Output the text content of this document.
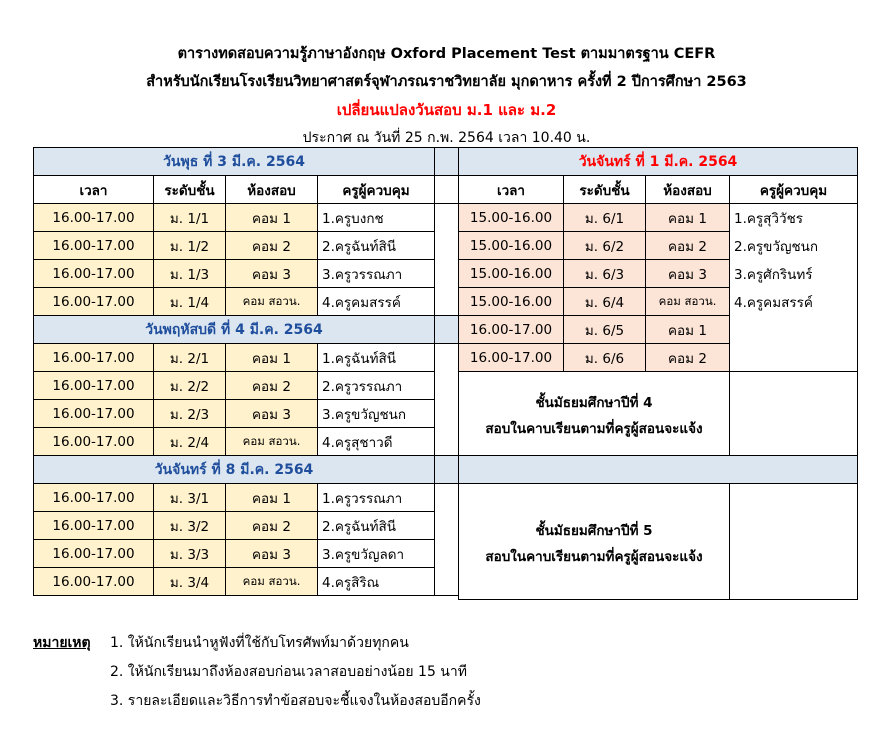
ตารางทดสอบความรู้ภาษาอังกฤษ Oxford Placement Test ตามมาตรฐาน CEFR
สำหรับนักเรียนโรงเรียนวิทยาศาสตร์จุฬาภรณราชวิทยาลัย มุกดาหาร ครั้งที่ 2 ปีการศึกษา 2563
เปลี่ยนแปลงวันสอบ ม.1 และ ม.2
ประกาศ ณ วันที่ 25 ก.พ. 2564 เวลา 10.40 น.
วันพุธ ที่ 3 มี.ค. 2564			
เวลา	ระดับชั้น	ห้องสอบ	ครูผู้ควบคุม
16.00-17.00	ม. 1/1	คอม 1	1.ครูบงกช
16.00-17.00	ม. 1/2	คอม 2	2.ครูฉันท์สินี
16.00-17.00	ม. 1/3	คอม 3	3.ครูวรรณภา
16.00-17.00	ม. 1/4	คอม สอวน.	4.ครูคมสรรค์
วันพฤหัสบดี ที่ 4 มี.ค. 2564			
16.00-17.00	ม. 2/1	คอม 1	1.ครูฉันท์สินี
16.00-17.00	ม. 2/2	คอม 2	2.ครูวรรณภา
16.00-17.00	ม. 2/3	คอม 3	3.ครูขวัญชนก
16.00-17.00	ม. 2/4	คอม สอวน.	4.ครูสุชาวดี
วันจันทร์ ที่ 8 มี.ค. 2564			
16.00-17.00	ม. 3/1	คอม 1	1.ครูวรรณภา
16.00-17.00	ม. 3/2	คอม 2	2.ครูฉันท์สินี
16.00-17.00	ม. 3/3	คอม 3	3.ครูขวัญลดา
16.00-17.00	ม. 3/4	คอม สอวน.	4.ครูสิริณ

วันจันทร์ ที่ 1 มี.ค. 2564			
เวลา	ระดับชั้น	ห้องสอบ	ครูผู้ควบคุม
15.00-16.00	ม. 6/1	คอม 1	1.ครูสุวิวัชร
15.00-16.00	ม. 6/2	คอม 2	2.ครูขวัญชนก
15.00-16.00	ม. 6/3	คอม 3	3.ครูศักรินทร์
15.00-16.00	ม. 6/4	คอม สอวน.	4.ครูคมสรรค์
16.00-17.00	ม. 6/5	คอม 1	
16.00-17.00	ม. 6/6	คอม 2	

ชั้นมัธยมศึกษาปีที่ 4
สอบในคาบเรียนตามที่ครูผู้สอนจะแจ้ง			

ชั้นมัธยมศึกษาปีที่ 5
สอบในคาบเรียนตามที่ครูผู้สอนจะแจ้ง			

หมายเหตุ 1. ให้นักเรียนนำหูฟังที่ใช้กับโทรศัพท์มาด้วยทุกคน
2. ให้นักเรียนมาถึงห้องสอบก่อนเวลาสอบอย่างน้อย 15 นาที
3. รายละเอียดและวิธีการทำข้อสอบจะชี้แจงในห้องสอบอีกครั้ง
